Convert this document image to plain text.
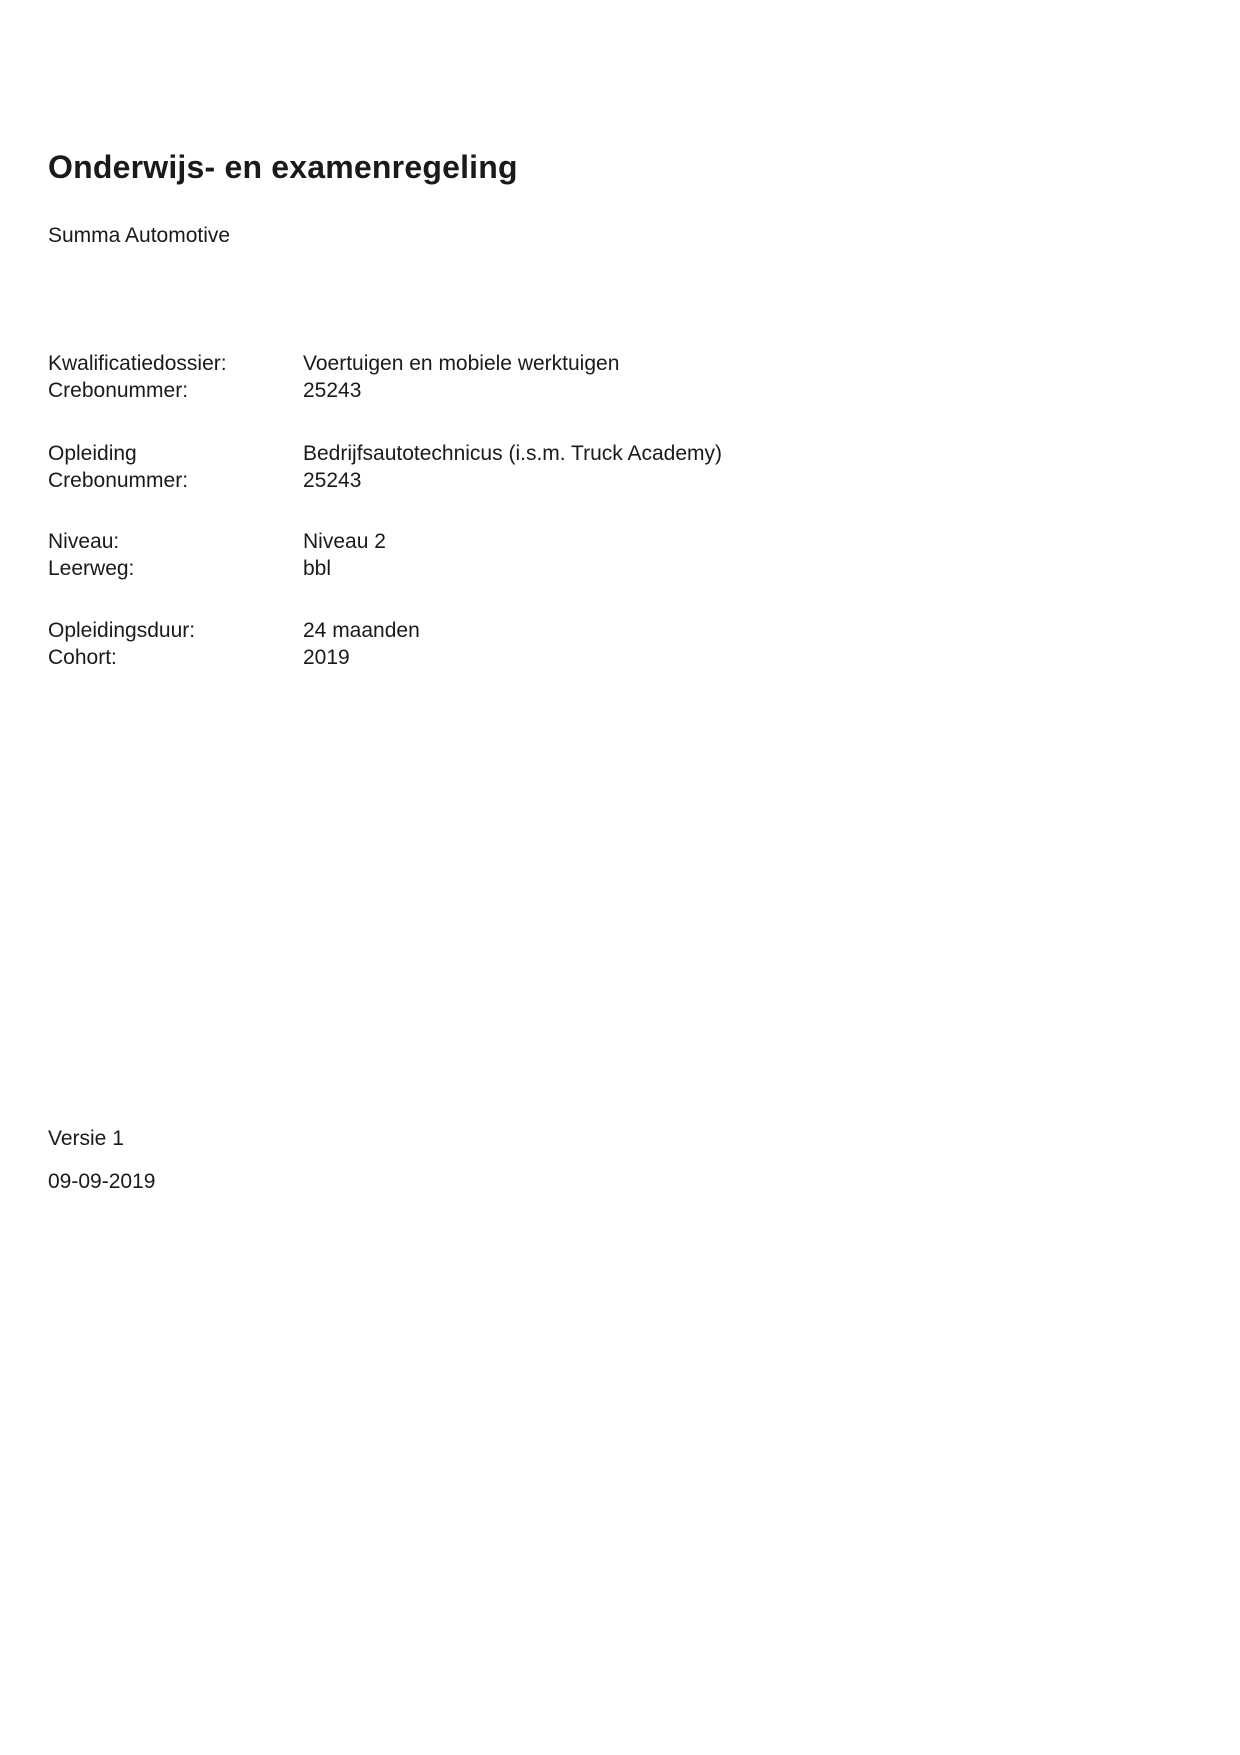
Onderwijs- en examenregeling
Summa Automotive
Kwalificatiedossier:	Voertuigen en mobiele werktuigen
Crebonummer:	25243
Opleiding	Bedrijfsautotechnicus (i.s.m. Truck Academy)
Crebonummer:	25243
Niveau:	Niveau 2
Leerweg:	bbl
Opleidingsduur:	24 maanden
Cohort:	2019
Versie 1
09-09-2019
